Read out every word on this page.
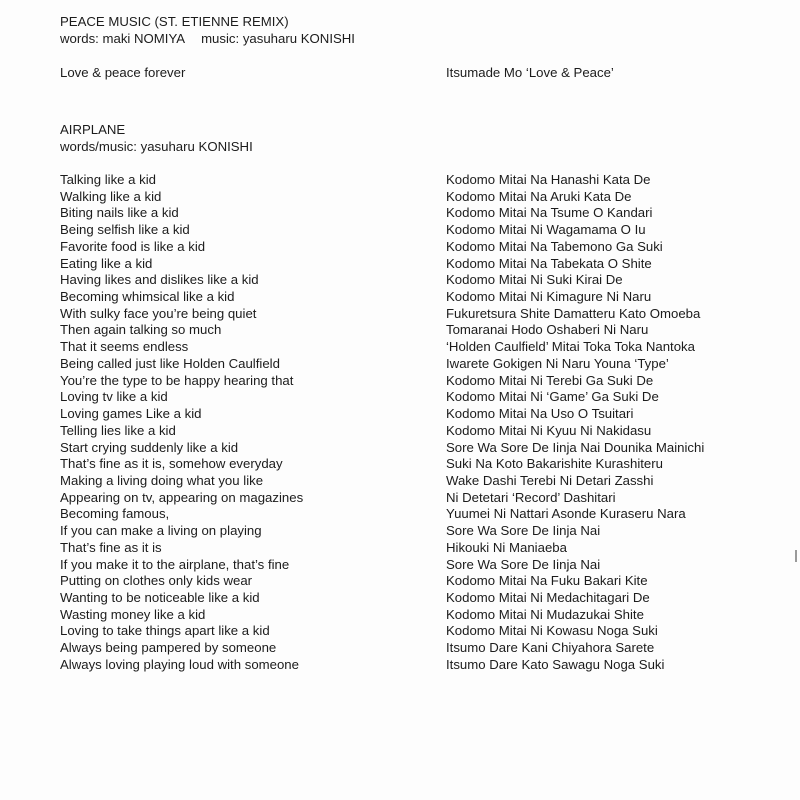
PEACE MUSIC (ST. ETIENNE REMIX)
words: maki NOMIYA music: yasuharu KONISHI
Love & peace forever	Itsumade Mo ‘Love & Peace’
AIRPLANE
words/music: yasuharu KONISHI
Talking like a kid	Kodomo Mitai Na Hanashi Kata De
Walking like a kid	Kodomo Mitai Na Aruki Kata De
Biting nails like a kid	Kodomo Mitai Na Tsume O Kandari
Being selfish like a kid	Kodomo Mitai Ni Wagamama O Iu
Favorite food is like a kid	Kodomo Mitai Na Tabemono Ga Suki
Eating like a kid	Kodomo Mitai Na Tabekata O Shite
Having likes and dislikes like a kid	Kodomo Mitai Ni Suki Kirai De
Becoming whimsical like a kid	Kodomo Mitai Ni Kimagure Ni Naru
With sulky face you’re being quiet	Fukuretsura Shite Damatteru Kato Omoeba
Then again talking so much	Tomaranai Hodo Oshaberi Ni Naru
That it seems endless	‘Holden Caulfield’ Mitai Toka Toka Nantoka
Being called just like Holden Caulfield	Iwarete Gokigen Ni Naru Youna ‘Type’
You’re the type to be happy hearing that	Kodomo Mitai Ni Terebi Ga Suki De
Loving tv like a kid	Kodomo Mitai Ni ‘Game’ Ga Suki De
Loving games Like a kid	Kodomo Mitai Na Uso O Tsuitari
Telling lies like a kid	Kodomo Mitai Ni Kyuu Ni Nakidasu
Start crying suddenly like a kid	Sore Wa Sore De Iinja Nai Dounika Mainichi
That’s fine as it is, somehow everyday	Suki Na Koto Bakarishite Kurashiteru
Making a living doing what you like	Wake Dashi Terebi Ni Detari Zasshi
Appearing on tv, appearing on magazines	Ni Detetari ‘Record’ Dashitari
Becoming famous,	Yuumei Ni Nattari Asonde Kuraseru Nara
If you can make a living on playing	Sore Wa Sore De Iinja Nai
That’s fine as it is	Hikouki Ni Maniaeba
If you make it to the airplane, that’s fine	Sore Wa Sore De Iinja Nai
Putting on clothes only kids wear	Kodomo Mitai Na Fuku Bakari Kite
Wanting to be noticeable like a kid	Kodomo Mitai Ni Medachitagari De
Wasting money like a kid	Kodomo Mitai Ni Mudazukai Shite
Loving to take things apart like a kid	Kodomo Mitai Ni Kowasu Noga Suki
Always being pampered by someone	Itsumo Dare Kani Chiyahora Sarete
Always loving playing loud with someone	Itsumo Dare Kato Sawagu Noga Suki
